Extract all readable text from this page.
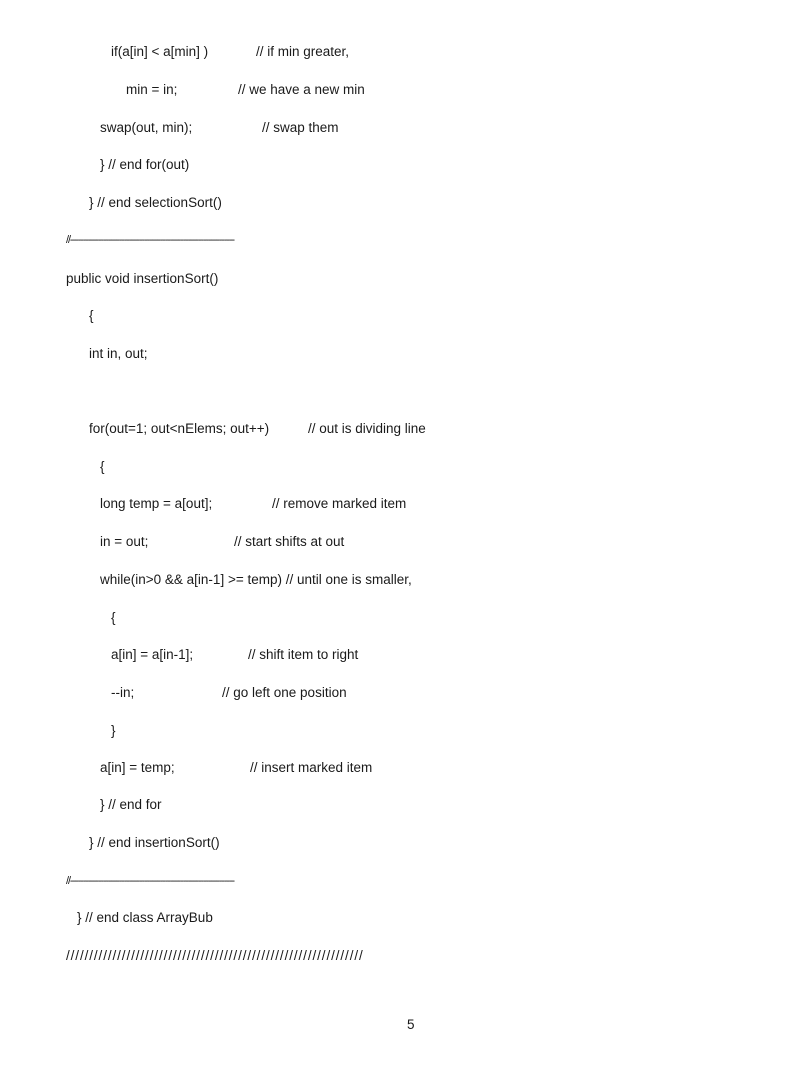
if(a[in] < a[min] )

	// if min greater,

min = in;

	// we have a new min

swap(out, min);

	// swap them

} // end for(out)

} // end selectionSort()

//----------------------------------------------------------------

public void insertionSort()

{

int in, out;

for(out=1; out<nElems; out++)

	// out is dividing line

{

long temp = a[out];

	// remove marked item

in = out;

	// start shifts at out

while(in>0 && a[in-1] >= temp) // until one is smaller,

{

a[in] = a[in-1];

	// shift item to right

--in;

	// go left one position

}

a[in] = temp;

	// insert marked item

} // end for

} // end insertionSort()

//----------------------------------------------------------------

} // end class ArrayBub

////////////////////////////////////////////////////////////////

5
